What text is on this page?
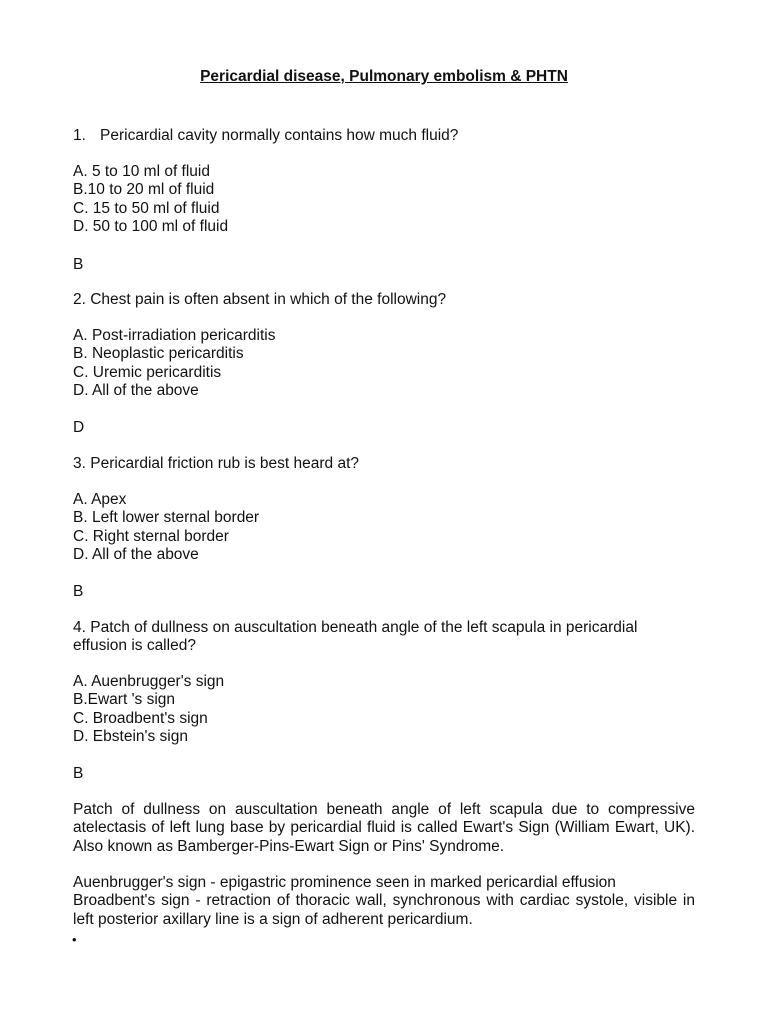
Pericardial disease, Pulmonary embolism & PHTN
1. Pericardial cavity normally contains how much fluid?
A. 5 to 10 ml of fluid
B.10 to 20 ml of fluid
C. 15 to 50 ml of fluid
D. 50 to 100 ml of fluid
B
2. Chest pain is often absent in which of the following?
A. Post-irradiation pericarditis
B. Neoplastic pericarditis
C. Uremic pericarditis
D. All of the above
D
3. Pericardial friction rub is best heard at?
A. Apex
B. Left lower sternal border
C. Right sternal border
D. All of the above
B
4. Patch of dullness on auscultation beneath angle of the left scapula in pericardial effusion is called?
A. Auenbrugger's sign
B.Ewart 's sign
C. Broadbent's sign
D. Ebstein's sign
B
Patch of dullness on auscultation beneath angle of left scapula due to compressive atelectasis of left lung base by pericardial fluid is called Ewart's Sign (William Ewart, UK). Also known as Bamberger-Pins-Ewart Sign or Pins' Syndrome.
Auenbrugger's sign - epigastric prominence seen in marked pericardial effusion
Broadbent's sign - retraction of thoracic wall, synchronous with cardiac systole, visible in left posterior axillary line is a sign of adherent pericardium.
•
